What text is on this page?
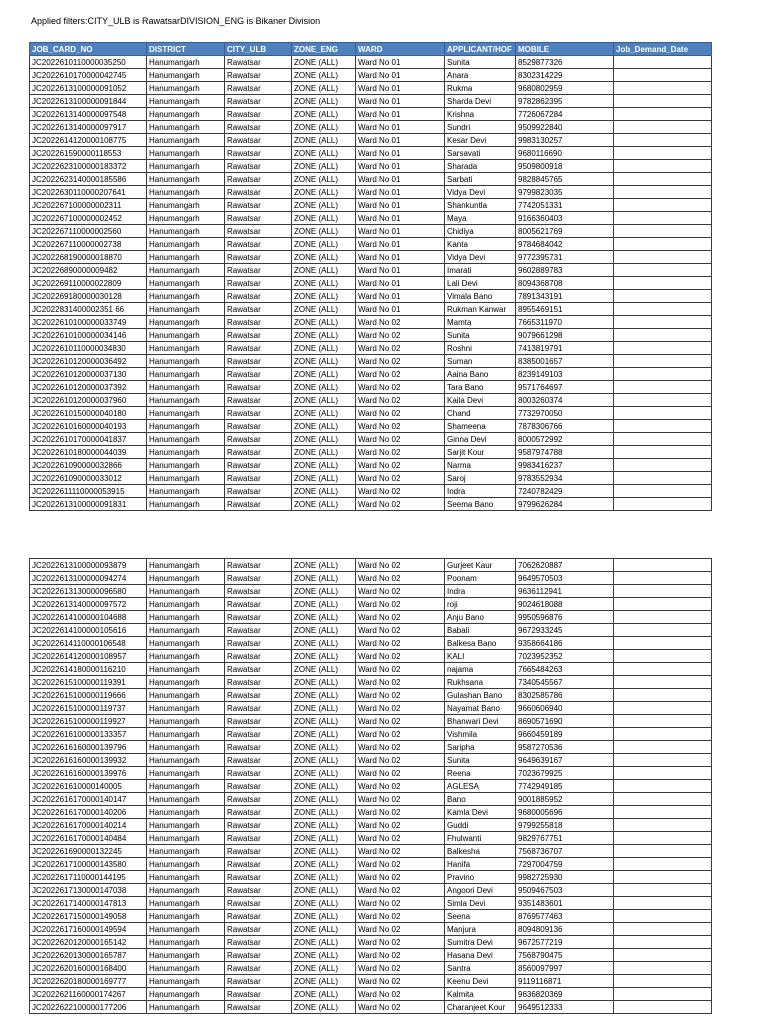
Applied filters:CITY_ULB is RawatsarDIVISION_ENG is Bikaner Division
JOB_CARD_NO	DISTRICT	CITY_ULB	ZONE_ENG	WARD	APPLICANT/HOF	MOBILE	Job_Demand_Date
JC2022610110000035250	Hanumangarh	Rawatsar	ZONE (ALL)	Ward No 01	Sunita	8529877326	
JC2022610170000042745	Hanumangarh	Rawatsar	ZONE (ALL)	Ward No 01	Anara	8302314229	
JC2022613100000091052	Hanumangarh	Rawatsar	ZONE (ALL)	Ward No 01	Rukma	9680802959	
JC2022613100000091844	Hanumangarh	Rawatsar	ZONE (ALL)	Ward No 01	Sharda Devi	9782862395	
JC2022613140000097548	Hanumangarh	Rawatsar	ZONE (ALL)	Ward No 01	Krishna	7726067284	
JC2022613140000097917	Hanumangarh	Rawatsar	ZONE (ALL)	Ward No 01	Sundri	9509922840	
JC2022614120000108775	Hanumangarh	Rawatsar	ZONE (ALL)	Ward No 01	Kesar Devi	9983130257	
JC202261590000118553	Hanumangarh	Rawatsar	ZONE (ALL)	Ward No 01	Sarsavati	9680116690	
JC2022623100000183372	Hanumangarh	Rawatsar	ZONE (ALL)	Ward No 01	Sharada	9509800918	
JC2022623140000185586	Hanumangarh	Rawatsar	ZONE (ALL)	Ward No 01	Sarbati	9828845765	
JC2022630110000207641	Hanumangarh	Rawatsar	ZONE (ALL)	Ward No 01	Vidya Devi	9799823035	
JC202267100000002311	Hanumangarh	Rawatsar	ZONE (ALL)	Ward No 01	Shankuntla	7742051331	
JC202267100000002452	Hanumangarh	Rawatsar	ZONE (ALL)	Ward No 01	Maya	9166360403	
JC202267110000002560	Hanumangarh	Rawatsar	ZONE (ALL)	Ward No 01	Chidiya	8005621769	
JC202267110000002738	Hanumangarh	Rawatsar	ZONE (ALL)	Ward No 01	Kanta	9784684042	
JC202268190000018870	Hanumangarh	Rawatsar	ZONE (ALL)	Ward No 01	Vidya Devi	9772395731	
JC20226890000009482	Hanumangarh	Rawatsar	ZONE (ALL)	Ward No 01	Imarati	9602889783	
JC202269110000022809	Hanumangarh	Rawatsar	ZONE (ALL)	Ward No 01	Lali Devi	8094368708	
JC202269180000030128	Hanumangarh	Rawatsar	ZONE (ALL)	Ward No 01	Vimala Bano	7891343191	
JC2022831400002351 66	Hanumangarh	Rawatsar	ZONE (ALL)	Ward No 01	Rukman Kanwar	8955469151	
JC2022610100000033749	Hanumangarh	Rawatsar	ZONE (ALL)	Ward No 02	Mamta	7665311970	
JC2022610100000034146	Hanumangarh	Rawatsar	ZONE (ALL)	Ward No 02	Sunita	9079661298	
JC2022610110000034830	Hanumangarh	Rawatsar	ZONE (ALL)	Ward No 02	Roshni	7413819791	
JC2022610120000036492	Hanumangarh	Rawatsar	ZONE (ALL)	Ward No 02	Suman	8385001657	
JC2022610120000037130	Hanumangarh	Rawatsar	ZONE (ALL)	Ward No 02	Aaina Bano	8239149103	
JC2022610120000037392	Hanumangarh	Rawatsar	ZONE (ALL)	Ward No 02	Tara Bano	9571764697	
JC2022610120000037960	Hanumangarh	Rawatsar	ZONE (ALL)	Ward No 02	Kaila Devi	8003260374	
JC2022610150000040180	Hanumangarh	Rawatsar	ZONE (ALL)	Ward No 02	Chand	7732970050	
JC2022610160000040193	Hanumangarh	Rawatsar	ZONE (ALL)	Ward No 02	Shameena	7878306766	
JC2022610170000041837	Hanumangarh	Rawatsar	ZONE (ALL)	Ward No 02	Ginna Devi	8000572992	
JC2022610180000044039	Hanumangarh	Rawatsar	ZONE (ALL)	Ward No 02	Sarjit Kour	9587974788	
JC202261090000032866	Hanumangarh	Rawatsar	ZONE (ALL)	Ward No 02	Narma	9983416237	
JC202261090000033012	Hanumangarh	Rawatsar	ZONE (ALL)	Ward No 02	Saroj	9783552934	
JC2022611110000053915	Hanumangarh	Rawatsar	ZONE (ALL)	Ward No 02	Indra	7240782429	
JC2022613100000091831	Hanumangarh	Rawatsar	ZONE (ALL)	Ward No 02	Seema Bano	9799626284	
JC2022613100000093879	Hanumangarh	Rawatsar	ZONE (ALL)	Ward No 02	Gurjeet Kaur	7062620887	
JC2022613100000094274	Hanumangarh	Rawatsar	ZONE (ALL)	Ward No 02	Poonam	9649570503	
JC2022613130000096580	Hanumangarh	Rawatsar	ZONE (ALL)	Ward No 02	Indra	9636112941	
JC2022613140000097572	Hanumangarh	Rawatsar	ZONE (ALL)	Ward No 02	roji	9024618088	
JC2022614100000104688	Hanumangarh	Rawatsar	ZONE (ALL)	Ward No 02	Anju Bano	9950596876	
JC2022614100000105616	Hanumangarh	Rawatsar	ZONE (ALL)	Ward No 02	Babali	9672933245	
JC2022614110000106548	Hanumangarh	Rawatsar	ZONE (ALL)	Ward No 02	Balkesa Bano	9358664186	
JC2022614120000108957	Hanumangarh	Rawatsar	ZONE (ALL)	Ward No 02	KALI	7023952352	
JC2022614180000116210	Hanumangarh	Rawatsar	ZONE (ALL)	Ward No 02	najama	7665484263	
JC2022615100000119391	Hanumangarh	Rawatsar	ZONE (ALL)	Ward No 02	Rukhsana	7340545567	
JC2022615100000119666	Hanumangarh	Rawatsar	ZONE (ALL)	Ward No 02	Gulashan Bano	8302585786	
JC2022615100000119737	Hanumangarh	Rawatsar	ZONE (ALL)	Ward No 02	Nayamat Bano	9660606940	
JC2022615100000119927	Hanumangarh	Rawatsar	ZONE (ALL)	Ward No 02	Bhanwari Devi	8690571690	
JC2022616100000133357	Hanumangarh	Rawatsar	ZONE (ALL)	Ward No 02	Vishmila	9660459189	
JC2022616160000139796	Hanumangarh	Rawatsar	ZONE (ALL)	Ward No 02	Saripha	9587270536	
JC2022616160000139932	Hanumangarh	Rawatsar	ZONE (ALL)	Ward No 02	Sunita	9649639167	
JC2022616160000139976	Hanumangarh	Rawatsar	ZONE (ALL)	Ward No 02	Reena	7023679925	
JC202261610000140005	Hanumangarh	Rawatsar	ZONE (ALL)	Ward No 02	AGLESA	7742949185	
JC2022616170000140147	Hanumangarh	Rawatsar	ZONE (ALL)	Ward No 02	Bano	9001885952	
JC2022616170000140206	Hanumangarh	Rawatsar	ZONE (ALL)	Ward No 02	Kamla Devi	9680005696	
JC2022616170000140214	Hanumangarh	Rawatsar	ZONE (ALL)	Ward No 02	Guddi	9799255818	
JC2022616170000140484	Hanumangarh	Rawatsar	ZONE (ALL)	Ward No 02	Fhulwanti	9829767751	
JC202261690000132245	Hanumangarh	Rawatsar	ZONE (ALL)	Ward No 02	Balkesha	7568736707	
JC2022617100000143580	Hanumangarh	Rawatsar	ZONE (ALL)	Ward No 02	Hanifa	7297004759	
JC2022617110000144195	Hanumangarh	Rawatsar	ZONE (ALL)	Ward No 02	Pravino	9982725930	
JC2022617130000147038	Hanumangarh	Rawatsar	ZONE (ALL)	Ward No 02	Angoori Devi	9509467503	
JC2022617140000147813	Hanumangarh	Rawatsar	ZONE (ALL)	Ward No 02	Simla Devi	9351483601	
JC2022617150000149058	Hanumangarh	Rawatsar	ZONE (ALL)	Ward No 02	Seena	8769577463	
JC2022617160000149594	Hanumangarh	Rawatsar	ZONE (ALL)	Ward No 02	Manjura	8094809136	
JC2022620120000165142	Hanumangarh	Rawatsar	ZONE (ALL)	Ward No 02	Sumitra Devi	9672577219	
JC2022620130000165787	Hanumangarh	Rawatsar	ZONE (ALL)	Ward No 02	Hasana Devi	7568790475	
JC2022620160000168400	Hanumangarh	Rawatsar	ZONE (ALL)	Ward No 02	Santra	8560097997	
JC2022620180000169777	Hanumangarh	Rawatsar	ZONE (ALL)	Ward No 02	Keenu Devi	9119116871	
JC2022621160000174267	Hanumangarh	Rawatsar	ZONE (ALL)	Ward No 02	Kalmita	9636820369	
JC2022622100000177206	Hanumangarh	Rawatsar	ZONE (ALL)	Ward No 02	Charanjeet Kour	9649512333	
